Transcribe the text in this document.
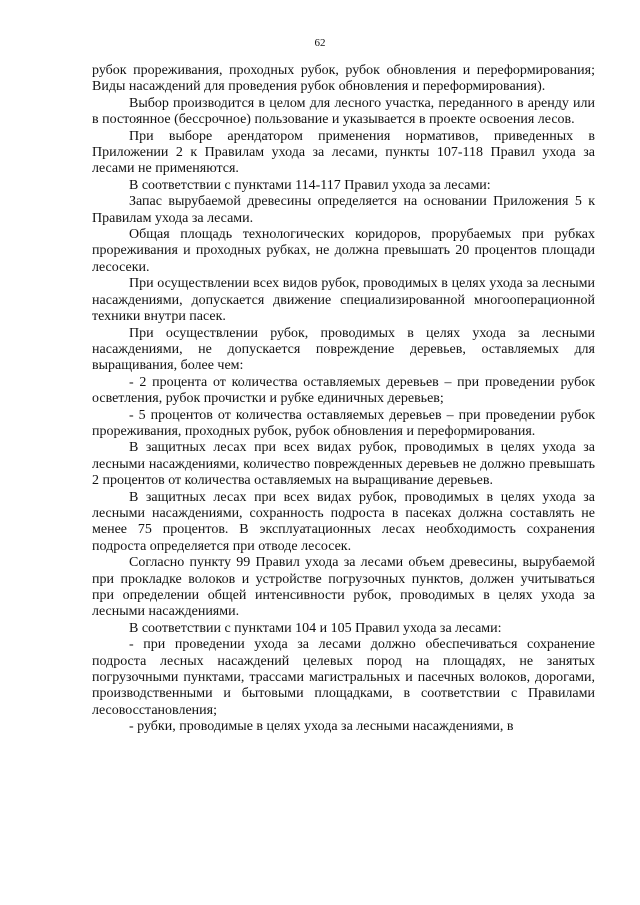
62

рубок прореживания, проходных рубок, рубок обновления и переформирования; Виды насаждений для проведения рубок обновления и переформирования).

Выбор производится в целом для лесного участка, переданного в аренду или в постоянное (бессрочное) пользование и указывается в проекте освоения лесов.

При выборе арендатором применения нормативов, приведенных в Приложении 2 к Правилам ухода за лесами, пункты 107-118 Правил ухода за лесами не применяются.

В соответствии с пунктами 114-117 Правил ухода за лесами:

Запас вырубаемой древесины определяется на основании Приложения 5 к Правилам ухода за лесами.

Общая площадь технологических коридоров, прорубаемых при рубках прореживания и проходных рубках, не должна превышать 20 процентов площади лесосеки.

При осуществлении всех видов рубок, проводимых в целях ухода за лесными насаждениями, допускается движение специализированной многооперационной техники внутри пасек.

При осуществлении рубок, проводимых в целях ухода за лесными насаждениями, не допускается повреждение деревьев, оставляемых для выращивания, более чем:

- 2 процента от количества оставляемых деревьев – при проведении рубок осветления, рубок прочистки и рубке единичных деревьев;

- 5 процентов от количества оставляемых деревьев – при проведении рубок прореживания, проходных рубок, рубок обновления и переформирования.

В защитных лесах при всех видах рубок, проводимых в целях ухода за лесными насаждениями, количество поврежденных деревьев не должно превышать 2 процентов от количества оставляемых на выращивание деревьев.

В защитных лесах при всех видах рубок, проводимых в целях ухода за лесными насаждениями, сохранность подроста в пасеках должна составлять не менее 75 процентов. В эксплуатационных лесах необходимость сохранения подроста определяется при отводе лесосек.

Согласно пункту 99 Правил ухода за лесами объем древесины, вырубаемой при прокладке волоков и устройстве погрузочных пунктов, должен учитываться при определении общей интенсивности рубок, проводимых в целях ухода за лесными насаждениями.

В соответствии с пунктами 104 и 105 Правил ухода за лесами:

- при проведении ухода за лесами должно обеспечиваться сохранение подроста лесных насаждений целевых пород на площадях, не занятых погрузочными пунктами, трассами магистральных и пасечных волоков, дорогами, производственными и бытовыми площадками, в соответствии с Правилами лесовосстановления;

- рубки, проводимые в целях ухода за лесными насаждениями, в
